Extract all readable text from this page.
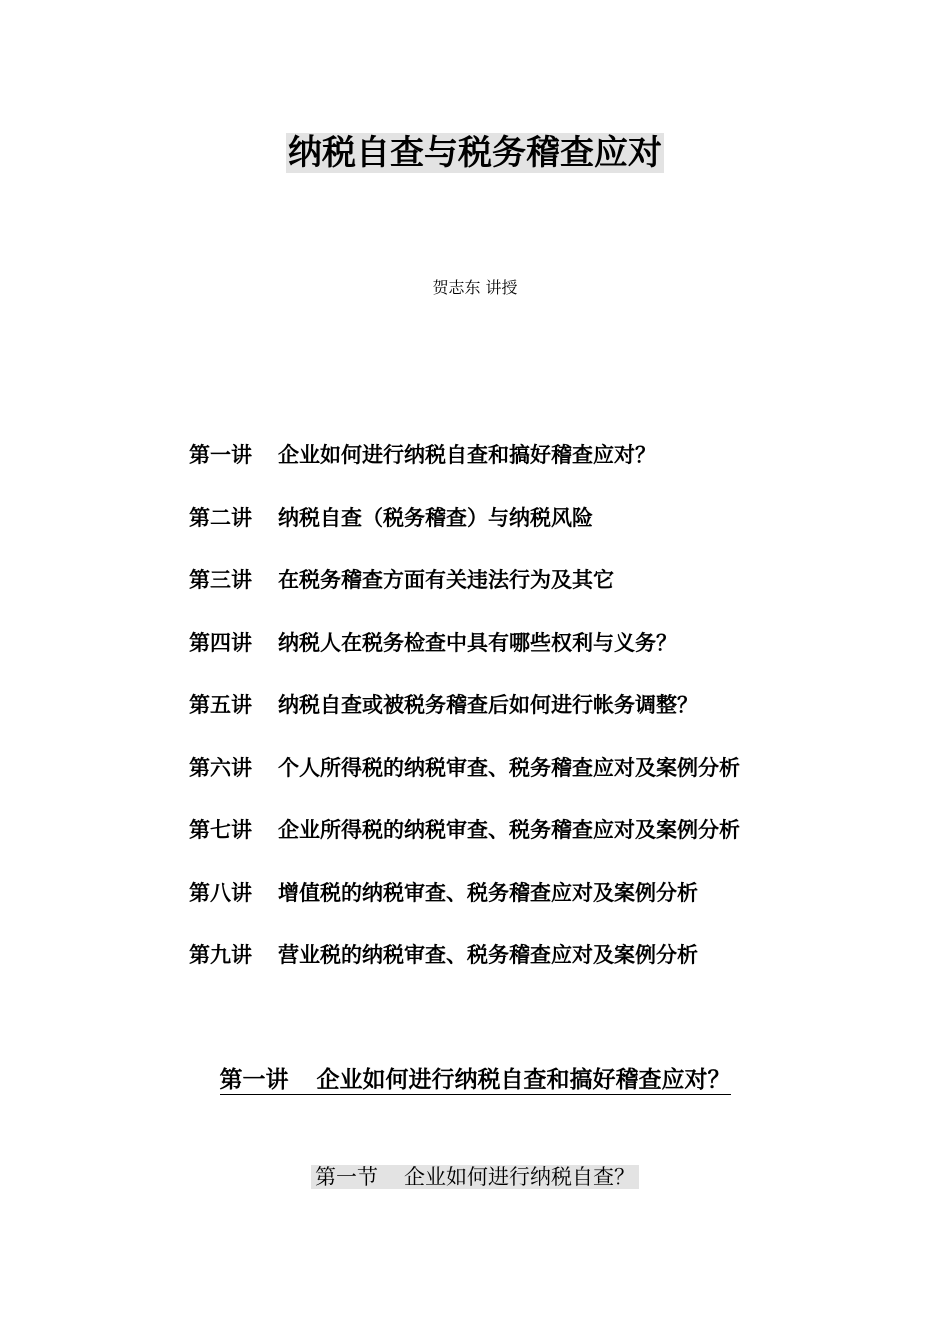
纳税自查与税务稽查应对
贺志东 讲授
第一讲 企业如何进行纳税自查和搞好稽查应对？
第二讲 纳税自查（税务稽查）与纳税风险
第三讲 在税务稽查方面有关违法行为及其它
第四讲 纳税人在税务检查中具有哪些权利与义务？
第五讲 纳税自查或被税务稽查后如何进行帐务调整？
第六讲 个人所得税的纳税审查、税务稽查应对及案例分析
第七讲 企业所得税的纳税审查、税务稽查应对及案例分析
第八讲 增值税的纳税审查、税务稽查应对及案例分析
第九讲 营业税的纳税审查、税务稽查应对及案例分析
第一讲 企业如何进行纳税自查和搞好稽查应对？
第一节 企业如何进行纳税自查？
